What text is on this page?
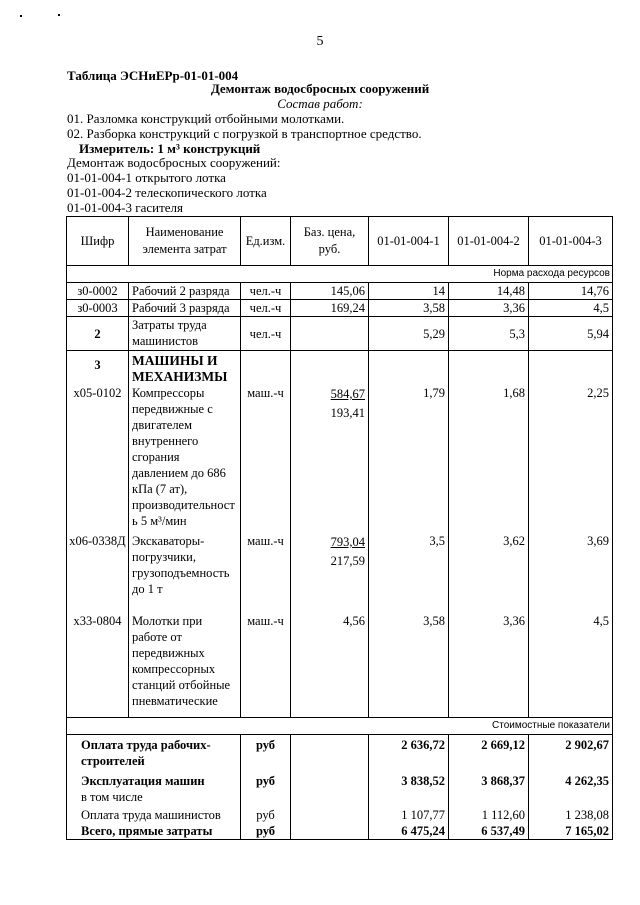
5
Таблица ЭСНиЕРр-01-01-004
Демонтаж водосбросных сооружений
Состав работ:
01. Разломка конструкций отбойными молотками.
02. Разборка конструкций с погрузкой в транспортное средство.
Измеритель: 1 м³ конструкций
Демонтаж водосбросных сооружений:
01-01-004-1 открытого лотка
01-01-004-2 телескопического лотка
01-01-004-3 гасителя
Шифр	Наименование элемента затрат	Ед.изм.	Баз. цена, руб.	01-01-004-1	01-01-004-2	01-01-004-3
Норма расхода ресурсов						
з0-0002	Рабочий 2 разряда	чел.-ч	145,06	14	14,48	14,76
з0-0003	Рабочий 3 разряда	чел.-ч	169,24	3,58	3,36	4,5
2	Затраты труда машинистов	чел.-ч		5,29	5,3	5,94
3	МАШИНЫ И МЕХАНИЗМЫ					
х05-0102	Компрессоры передвижные с двигателем внутреннего сгорания давлением до 686 кПа (7 ат), производительност ь 5 м³/мин	маш.-ч	584,67
193,41	1,79	1,68	2,25
х06-0338Д	Экскаваторы-погрузчики, грузоподъемность до 1 т	маш.-ч	793,04
217,59	3,5	3,62	3,69
х33-0804	Молотки при работе от передвижных компрессорных станций отбойные пневматические	маш.-ч	4,56	3,58	3,36	4,5
Стоимостные показатели						
Оплата труда рабочих-строителей		руб		2 636,72	2 669,12	2 902,67
Эксплуатация машин
в том числе		руб		3 838,52	3 868,37	4 262,35
Оплата труда машинистов		руб		1 107,77	1 112,60	1 238,08
Всего, прямые затраты		руб		6 475,24	6 537,49	7 165,02
